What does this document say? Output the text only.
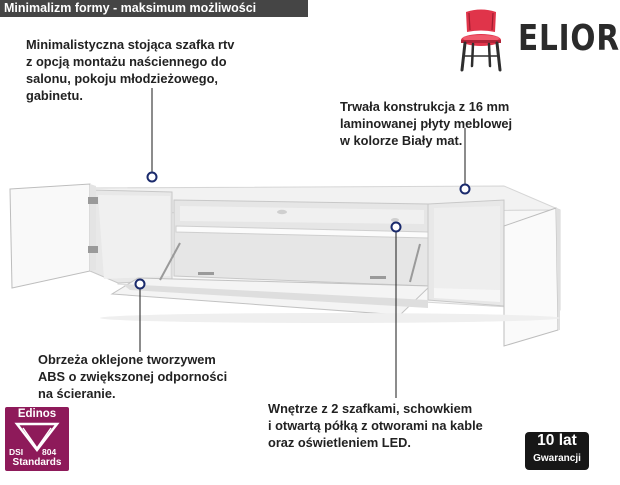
Minimalizm formy - maksimum możliwości
ELIOR
Minimalistyczna stojąca szafka rtv
z opcją montażu naściennego do
salonu, pokoju młodzieżowego,
gabinetu.
Trwała konstrukcja z 16 mm
laminowanej płyty meblowej
w kolorze Biały mat.
Obrzeża oklejone tworzywem
ABS o zwiększonej odporności
na ścieranie.
Wnętrze z 2 szafkami, schowkiem
i otwartą półką z otworami na kable
oraz oświetleniem LED.
Edinos
DSI 804
Standards
10 lat
Gwarancji
